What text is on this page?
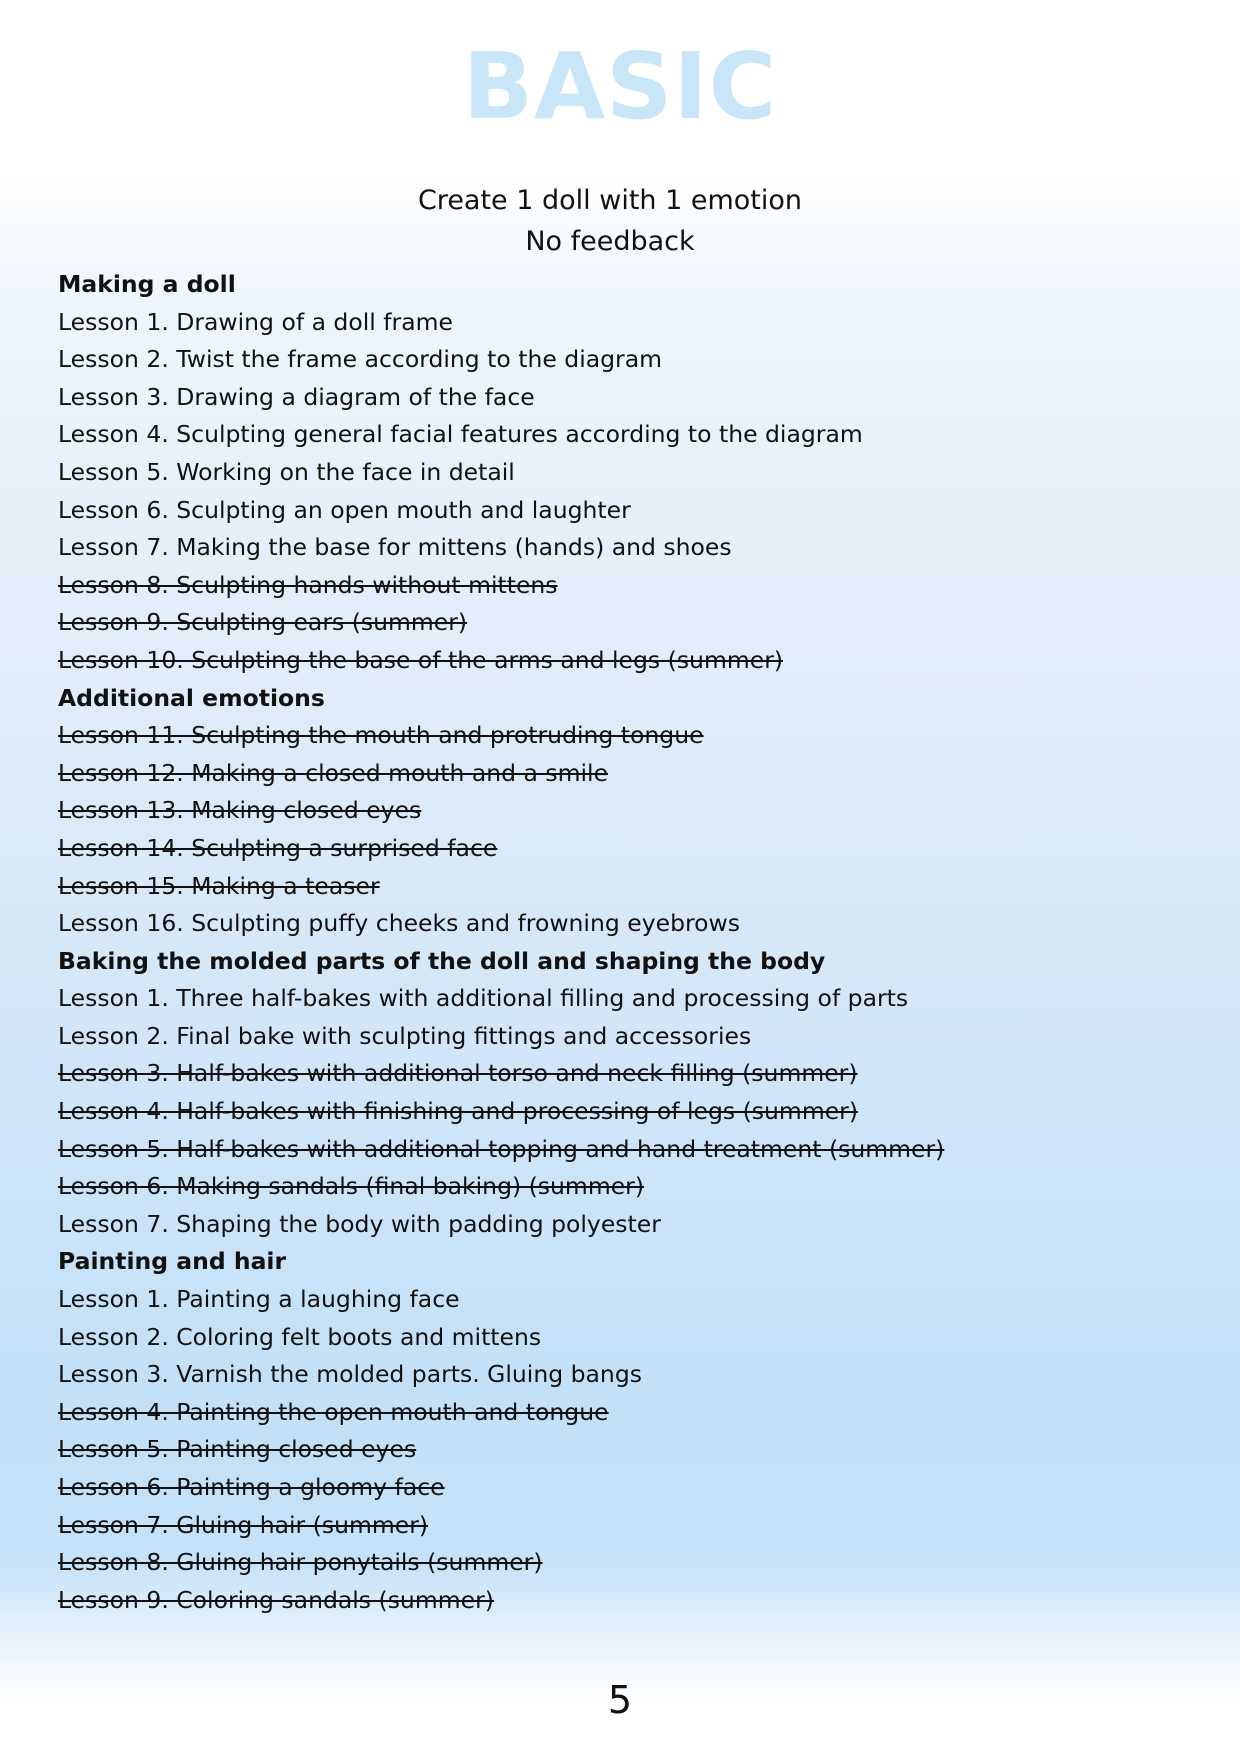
BASIC
Create 1 doll with 1 emotion
No feedback
Making a doll
Lesson 1. Drawing of a doll frame
Lesson 2. Twist the frame according to the diagram
Lesson 3. Drawing a diagram of the face
Lesson 4. Sculpting general facial features according to the diagram
Lesson 5. Working on the face in detail
Lesson 6. Sculpting an open mouth and laughter
Lesson 7. Making the base for mittens (hands) and shoes
Lesson 8. Sculpting hands without mittens
Lesson 9. Sculpting ears (summer)
Lesson 10. Sculpting the base of the arms and legs (summer)
Additional emotions
Lesson 11. Sculpting the mouth and protruding tongue
Lesson 12. Making a closed mouth and a smile
Lesson 13. Making closed eyes
Lesson 14. Sculpting a surprised face
Lesson 15. Making a teaser
Lesson 16. Sculpting puffy cheeks and frowning eyebrows
Baking the molded parts of the doll and shaping the body
Lesson 1. Three half-bakes with additional filling and processing of parts
Lesson 2. Final bake with sculpting fittings and accessories
Lesson 3. Half-bakes with additional torso and neck filling (summer)
Lesson 4. Half-bakes with finishing and processing of legs (summer)
Lesson 5. Half-bakes with additional topping and hand treatment (summer)
Lesson 6. Making sandals (final baking) (summer)
Lesson 7. Shaping the body with padding polyester
Painting and hair
Lesson 1. Painting a laughing face
Lesson 2. Coloring felt boots and mittens
Lesson 3. Varnish the molded parts. Gluing bangs
Lesson 4. Painting the open mouth and tongue
Lesson 5. Painting closed eyes
Lesson 6. Painting a gloomy face
Lesson 7. Gluing hair (summer)
Lesson 8. Gluing hair ponytails (summer)
Lesson 9. Coloring sandals (summer)
5
